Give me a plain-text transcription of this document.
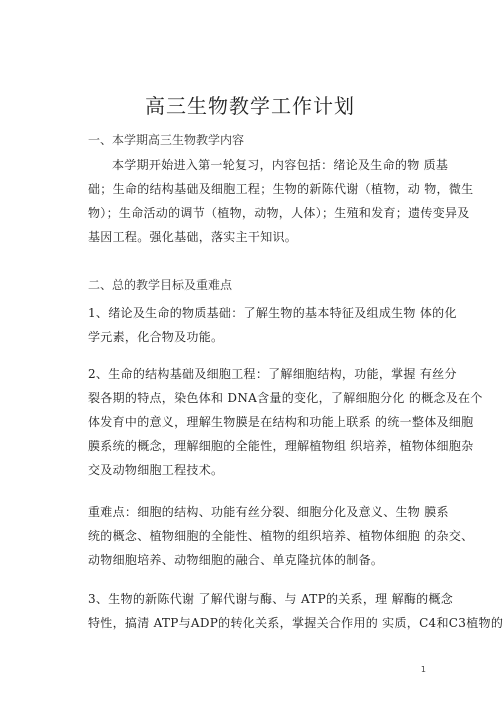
高三生物教学工作计划
一、本学期高三生物教学内容
本学期开始进入第一轮复习，内容包括：绪论及生命的物 质基
础；生命的结构基础及细胞工程；生物的新陈代谢（植物，动 物，微生
物）；生命活动的调节（植物，动物，人体）；生殖和发育；遗传变异及
基因工程。强化基础，落实主干知识。
二、总的教学目标及重难点
1、绪论及生命的物质基础：了解生物的基本特征及组成生物 体的化
学元素，化合物及功能。
2、生命的结构基础及细胞工程：了解细胞结构，功能，掌握 有丝分
裂各期的特点，染色体和 DNA含量的变化，了解细胞分化 的概念及在个
体发育中的意义，理解生物膜是在结构和功能上联系 的统一整体及细胞
膜系统的概念，理解细胞的全能性，理解植物组 织培养，植物体细胞杂
交及动物细胞工程技术。
重难点：细胞的结构、功能有丝分裂、细胞分化及意义、生物 膜系
统的概念、植物细胞的全能性、植物的组织培养、植物体细胞 的杂交、
动物细胞培养、动物细胞的融合、单克隆抗体的制备。
3、生物的新陈代谢 了解代谢与酶、与 ATP的关系，理 解酶的概念
特性，搞清 ATP与ADP的转化关系，掌握关合作用的 实质，C4和C3植物的
1
